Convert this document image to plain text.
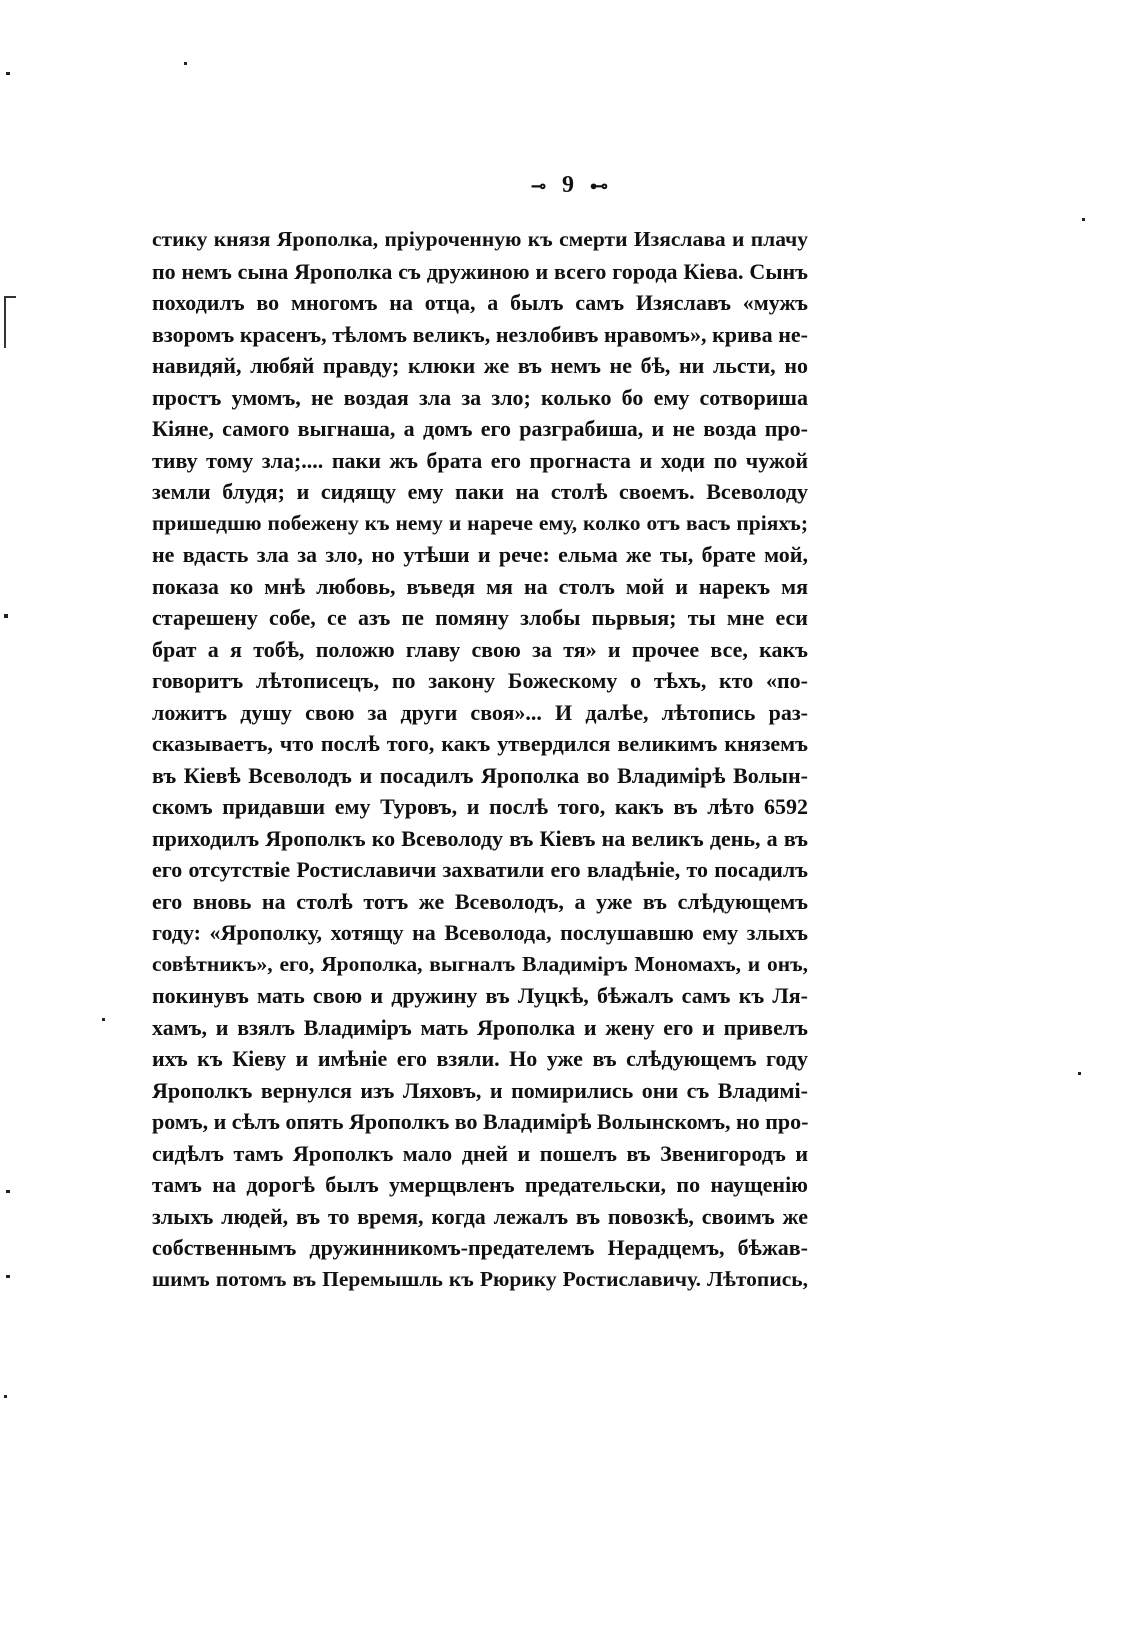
⊸ 9 ⊷
стику князя Ярополка, пріуроченную къ смерти Изяслава и плачу
по немъ сына Ярополка съ дружиною и всего города Кіева. Сынъ
походилъ во многомъ на отца, а былъ самъ Изяславъ «мужъ
взоромъ красенъ, тѣломъ великъ, незлобивъ нравомъ», крива не-
навидяй, любяй правду; клюки же въ немъ не бѣ, ни льсти, но
простъ умомъ, не воздая зла за зло; колько бо ему сотвориша
Кіяне, самого выгнаша, а домъ его разграбиша, и не возда про-
тиву тому зла;.... паки жъ брата его прогнаста и ходи по чужой
земли блудя; и сидящу ему паки на столѣ своемъ. Всеволоду
пришедшю побежену къ нему и нарече ему, колко отъ васъ пріяхъ;
не вдасть зла за зло, но утѣши и рече: ельма же ты, брате мой,
показа ко мнѣ любовь, въведя мя на столъ мой и нарекъ мя
старешену собе, се азъ пе помяну злобы пьрвыя; ты мне еси
брат а я тобѣ, положю главу свою за тя» и прочее все, какъ
говоритъ лѣтописецъ, по закону Божескому о тѣхъ, кто «по-
ложитъ душу свою за други своя»... И далѣе, лѣтопись раз-
сказываетъ, что послѣ того, какъ утвердился великимъ княземъ
въ Кіевѣ Всеволодъ и посадилъ Ярополка во Владимірѣ Волын-
скомъ придавши ему Туровъ, и послѣ того, какъ въ лѣто 6592
приходилъ Ярополкъ ко Всеволоду въ Кіевъ на великъ день, а въ
его отсутствіе Ростиславичи захватили его владѣніе, то посадилъ
его вновь на столѣ тотъ же Всеволодъ, а уже въ слѣдующемъ
году: «Ярополку, хотящу на Всеволода, послушавшю ему злыхъ
совѣтникъ», его, Ярополка, выгналъ Владиміръ Мономахъ, и онъ,
покинувъ мать свою и дружину въ Луцкѣ, бѣжалъ самъ къ Ля-
хамъ, и взялъ Владиміръ мать Ярополка и жену его и привелъ
ихъ къ Кіеву и имѣніе его взяли. Но уже въ слѣдующемъ году
Ярополкъ вернулся изъ Ляховъ, и помирились они съ Владимі-
ромъ, и сѣлъ опять Ярополкъ во Владимірѣ Волынскомъ, но про-
сидѣлъ тамъ Ярополкъ мало дней и пошелъ въ Звенигородъ и
тамъ на дорогѣ былъ умерщвленъ предательски, по наущенію
злыхъ людей, въ то время, когда лежалъ въ повозкѣ, своимъ же
собственнымъ дружинникомъ-предателемъ Нерадцемъ, бѣжав-
шимъ потомъ въ Перемышль къ Рюрику Ростиславичу. Лѣтопись,
